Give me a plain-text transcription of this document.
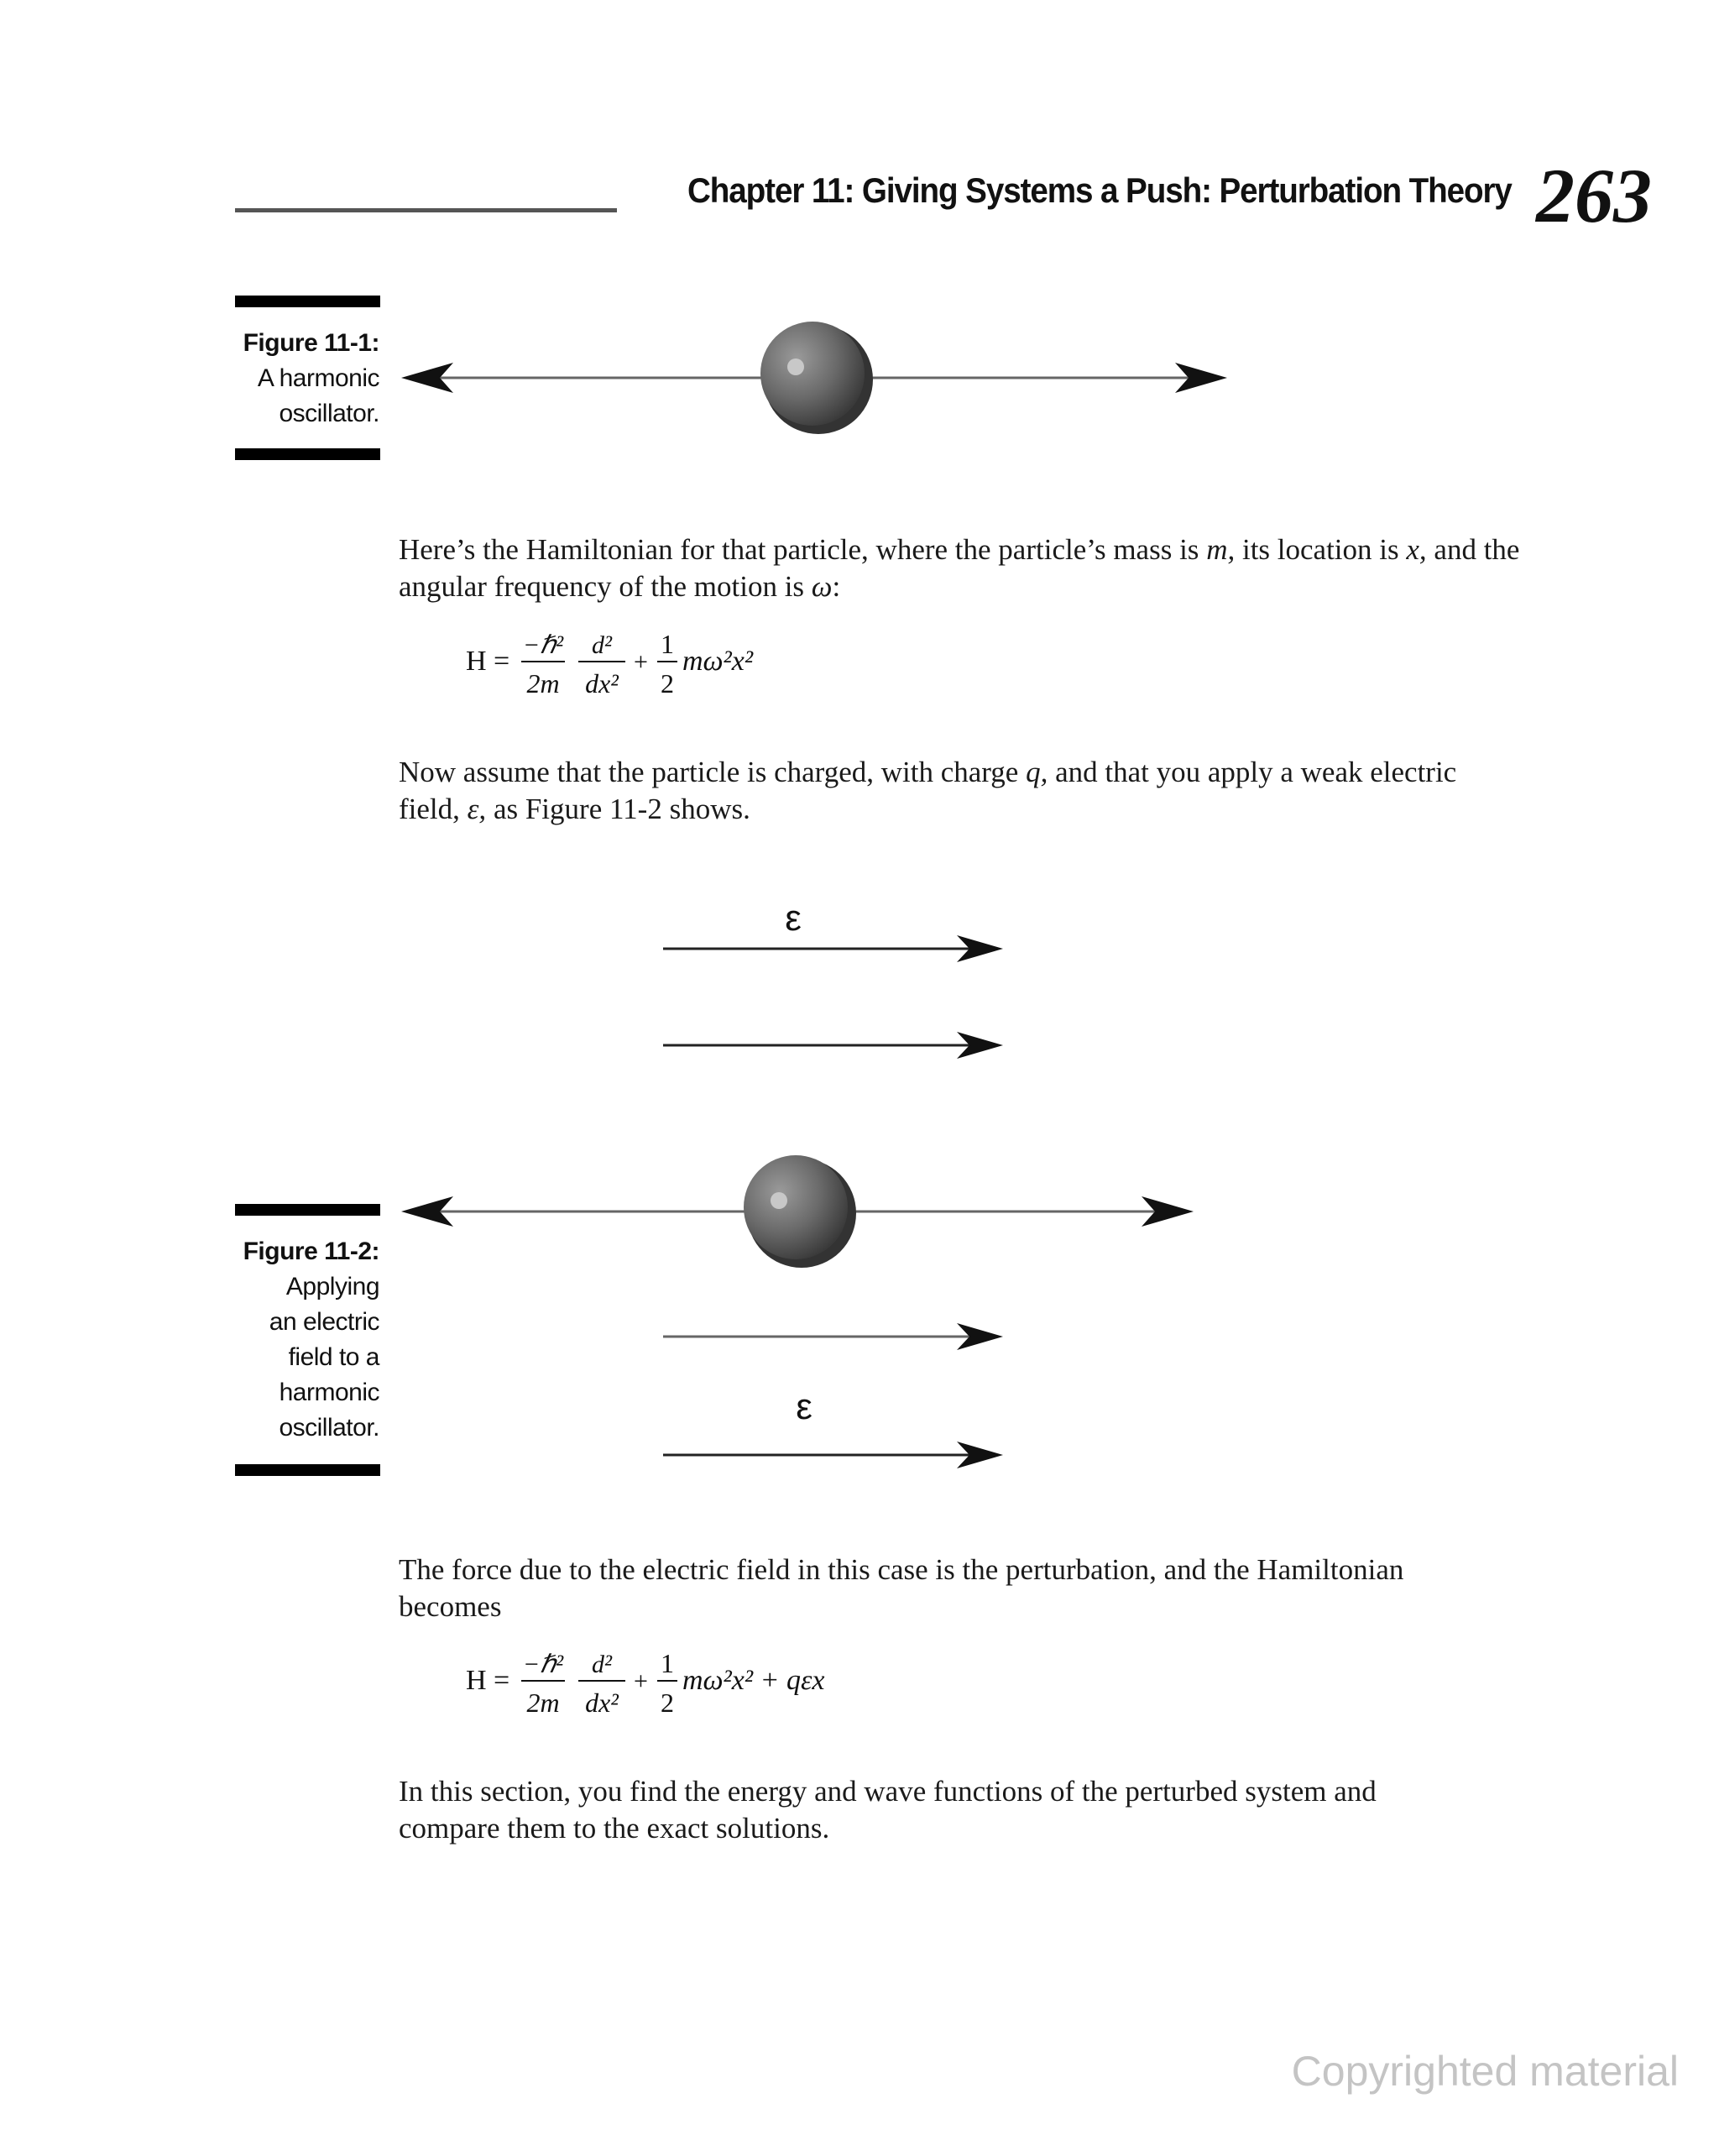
Chapter 11: Giving Systems a Push: Perturbation Theory 263
Figure 11-1:
A harmonic
oscillator.
ε
ε
Here’s the Hamiltonian for that particle, where the particle’s mass is m, its location is x, and the angular frequency of the motion is ω:
H =
−ℏ²
2m
d²
dx²
+
1
2
mω²x²
Now assume that the particle is charged, with charge q, and that you apply a weak electric field, ε, as Figure 11-2 shows.
Figure 11-2:
Applying
an electric
field to a
harmonic
oscillator.
The force due to the electric field in this case is the perturbation, and the Hamiltonian becomes
H =
−ℏ²
2m
d²
dx²
+
1
2
mω²x² + qεx
In this section, you find the energy and wave functions of the perturbed system and compare them to the exact solutions.
Copyrighted material
